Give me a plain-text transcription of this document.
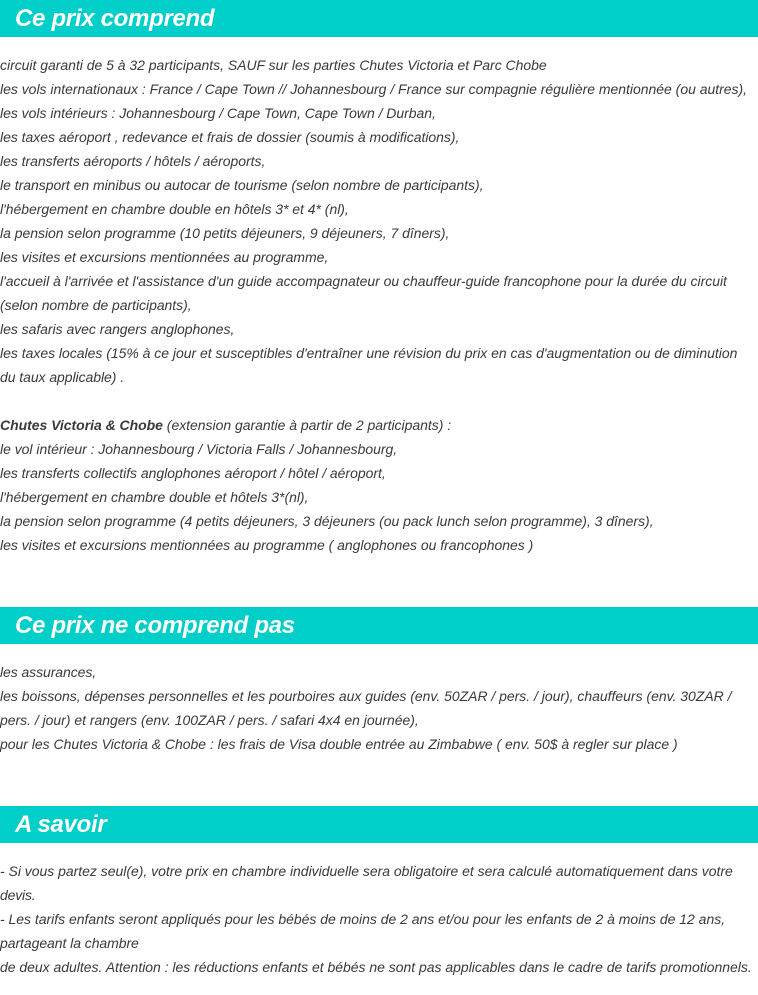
Ce prix comprend
circuit garanti de 5 à 32 participants, SAUF sur les parties Chutes Victoria et Parc Chobe
les vols internationaux : France / Cape Town // Johannesbourg / France sur compagnie régulière mentionnée (ou autres),
les vols intérieurs : Johannesbourg / Cape Town, Cape Town / Durban,
les taxes aéroport , redevance et frais de dossier (soumis à modifications),
les transferts aéroports / hôtels / aéroports,
le transport en minibus ou autocar de tourisme (selon nombre de participants),
l'hébergement en chambre double en hôtels 3* et 4* (nl),
la pension selon programme (10 petits déjeuners, 9 déjeuners, 7 dîners),
les visites et excursions mentionnées au programme,
l'accueil à l'arrivée et l'assistance d'un guide accompagnateur ou chauffeur-guide francophone pour la durée du circuit
(selon nombre de participants),
les safaris avec rangers anglophones,
les taxes locales (15% à ce jour et susceptibles d'entraîner une révision du prix en cas d'augmentation ou de diminution
du taux applicable) .
Chutes Victoria & Chobe (extension garantie à partir de 2 participants) :
le vol intérieur : Johannesbourg / Victoria Falls / Johannesbourg,
les transferts collectifs anglophones aéroport / hôtel / aéroport,
l'hébergement en chambre double et hôtels 3*(nl),
la pension selon programme (4 petits déjeuners, 3 déjeuners (ou pack lunch selon programme), 3 dîners),
les visites et excursions mentionnées au programme ( anglophones ou francophones )
Ce prix ne comprend pas
les assurances,
les boissons, dépenses personnelles et les pourboires aux guides (env. 50ZAR / pers. / jour), chauffeurs (env. 30ZAR /
pers. / jour) et rangers (env. 100ZAR / pers. / safari 4x4 en journée),
pour les Chutes Victoria & Chobe : les frais de Visa double entrée au Zimbabwe ( env. 50$ à regler sur place )
A savoir
- Si vous partez seul(e), votre prix en chambre individuelle sera obligatoire et sera calculé automatiquement dans votre
devis.
- Les tarifs enfants seront appliqués pour les bébés de moins de 2 ans et/ou pour les enfants de 2 à moins de 12 ans,
partageant la chambre
de deux adultes. Attention : les réductions enfants et bébés ne sont pas applicables dans le cadre de tarifs promotionnels.
